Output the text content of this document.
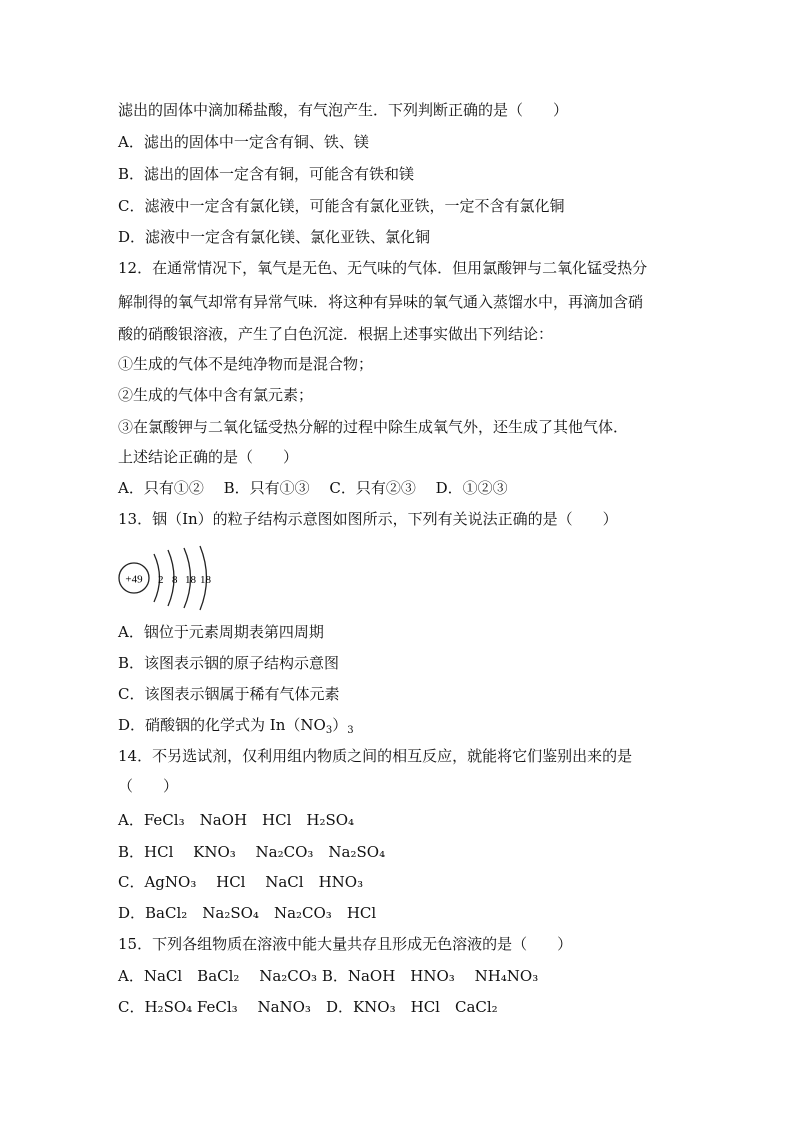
滤出的固体中滴加稀盐酸，有气泡产生．下列判断正确的是（　　）
A．滤出的固体中一定含有铜、铁、镁
B．滤出的固体一定含有铜，可能含有铁和镁
C．滤液中一定含有氯化镁，可能含有氯化亚铁，一定不含有氯化铜
D．滤液中一定含有氯化镁、氯化亚铁、氯化铜
12．在通常情况下，氧气是无色、无气味的气体．但用氯酸钾与二氧化锰受热分
解制得的氧气却常有异常气味．将这种有异味的氧气通入蒸馏水中，再滴加含硝
酸的硝酸银溶液，产生了白色沉淀．根据上述事实做出下列结论：
①生成的气体不是纯净物而是混合物；
②生成的气体中含有氯元素；
③在氯酸钾与二氧化锰受热分解的过程中除生成氧气外，还生成了其他气体．
上述结论正确的是（　　）
A．只有①②　 B．只有①③　 C．只有②③　 D．①②③
13．铟（In）的粒子结构示意图如图所示，下列有关说法正确的是（　　）
+49 2 8 18 18
A．铟位于元素周期表第四周期
B．该图表示铟的原子结构示意图
C．该图表示铟属于稀有气体元素
D．硝酸铟的化学式为 $In(NO_3)_3$
14．不另选试剂，仅利用组内物质之间的相互反应，就能将它们鉴别出来的是
（　　）
A．FeCl₃　NaOH　HCl　H₂SO₄
B．HCl　 KNO₃　 Na₂CO₃　Na₂SO₄
C．AgNO₃　 HCl　 NaCl　HNO₃
D．BaCl₂　Na₂SO₄　Na₂CO₃　HCl
15．下列各组物质在溶液中能大量共存且形成无色溶液的是（　　）
A．NaCl　BaCl₂　 Na₂CO₃ B．NaOH　HNO₃　 NH₄NO₃
C．H₂SO₄ FeCl₃　 NaNO₃　D．KNO₃　HCl　CaCl₂
